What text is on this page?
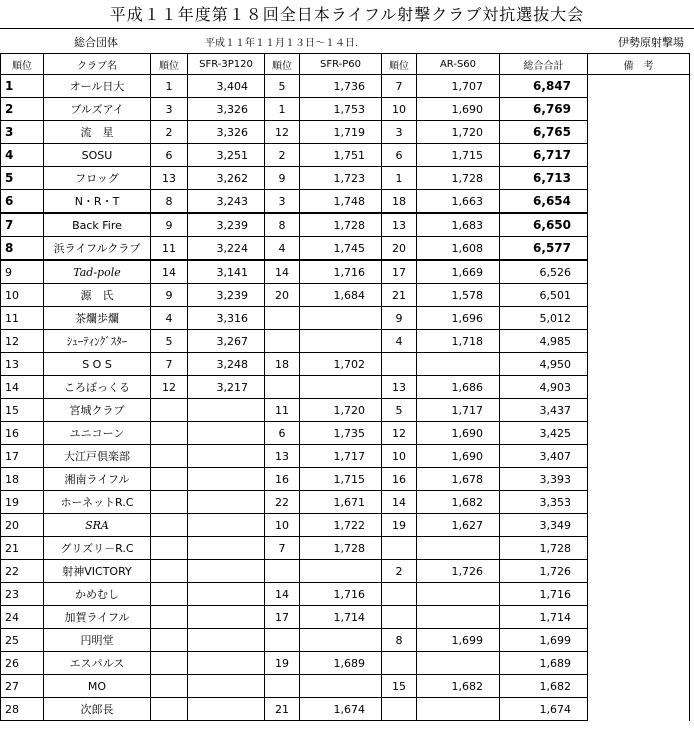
平成１１年度第１８回全日本ライフル射撃クラブ対抗選抜大会
総合団体	平成１１年１１月１３日～１４日.	伊勢原射撃場
順位	クラブ名	順位	SFR-3P120	順位	SFR-P60	順位	AR-S60	総合合計	備　考
1	オール日大	1	3,404	5	1,736	7	1,707	6,847	
2	ブルズアイ	3	3,326	1	1,753	10	1,690	6,769	
3	流　星	2	3,326	12	1,719	3	1,720	6,765	
4	SOSU	6	3,251	2	1,751	6	1,715	6,717	
5	フロッグ	13	3,262	9	1,723	1	1,728	6,713	
6	N・R・T	8	3,243	3	1,748	18	1,663	6,654	
7	Back Fire	9	3,239	8	1,728	13	1,683	6,650	
8	浜ライフルクラブ	11	3,224	4	1,745	20	1,608	6,577	
9	Tad-pole	14	3,141	14	1,716	17	1,669	6,526	
10	源　氏	9	3,239	20	1,684	21	1,578	6,501	
11	茶爛歩爛	4	3,316			9	1,696	5,012	
12	ｼｭｰﾃｨﾝｸﾞｽﾀｰ	5	3,267			4	1,718	4,985	
13	S O S	7	3,248	18	1,702			4,950	
14	ころぼっくる	12	3,217			13	1,686	4,903	
15	宮城クラブ			11	1,720	5	1,717	3,437	
16	ユニコーン			6	1,735	12	1,690	3,425	
17	大江戸倶楽部			13	1,717	10	1,690	3,407	
18	湘南ライフル			16	1,715	16	1,678	3,393	
19	ホーネットR.C			22	1,671	14	1,682	3,353	
20	SRA			10	1,722	19	1,627	3,349	
21	グリズリ－R.C			7	1,728			1,728	
22	射神VICTORY					2	1,726	1,726	
23	かめむし			14	1,716			1,716	
24	加賀ライフル			17	1,714			1,714	
25	円明堂					8	1,699	1,699	
26	エスパルス			19	1,689			1,689	
27	MO					15	1,682	1,682	
28	次郎長			21	1,674			1,674	
